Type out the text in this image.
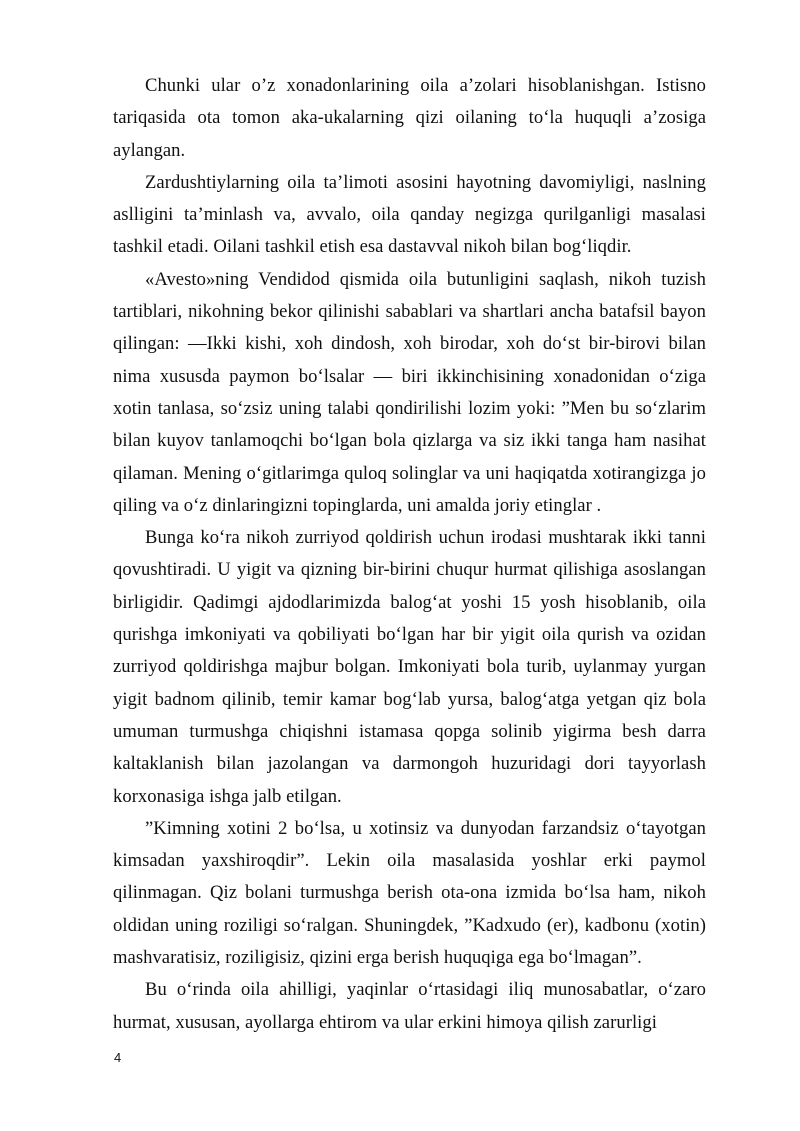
Chunki ular o’z xonadonlarining oila a’zolari hisoblanishgan. Istisno tariqasida ota tomon aka-ukalarning qizi oilaning to‘la huquqli a’zosiga aylangan.

Zardushtiylarning oila ta’limoti asosini hayotning davomiyligi, naslning aslligini ta’minlash va, avvalo, oila qanday negizga qurilganligi masalasi tashkil etadi. Oilani tashkil etish esa dastavval nikoh bilan bog‘liqdir.

«Avesto»ning Vendidod qismida oila butunligini saqlash, nikoh tuzish tartiblari, nikohning bekor qilinishi sabablari va shartlari ancha batafsil bayon qilingan: ―Ikki kishi, xoh dindosh, xoh birodar, xoh do‘st bir-birovi bilan nima xususda paymon bo‘lsalar — biri ikkinchisining xonadonidan o‘ziga xotin tanlasa, so‘zsiz uning talabi qondirilishi lozim yoki: ”Men bu so‘zlarim bilan kuyov tanlamoqchi bo‘lgan bola qizlarga va siz ikki tanga ham nasihat qilaman. Mening o‘gitlarimga quloq solinglar va uni haqiqatda xotirangizga jo qiling va o‘z dinlaringizni topinglarda, uni amalda joriy etinglar .

Bunga ko‘ra nikoh zurriyod qoldirish uchun irodasi mushtarak ikki tanni qovushtiradi. U yigit va qizning bir-birini chuqur hurmat qilishiga asoslangan birligidir. Qadimgi ajdodlarimizda balog‘at yoshi 15 yosh hisoblanib, oila qurishga imkoniyati va qobiliyati bo‘lgan har bir yigit oila qurish va ozidan zurriyod qoldirishga majbur bolgan. Imkoniyati bola turib, uylanmay yurgan yigit badnom qilinib, temir kamar bog‘lab yursa, balog‘atga yetgan qiz bola umuman turmushga chiqishni istamasa qopga solinib yigirma besh darra kaltaklanish bilan jazolangan va darmongoh huzuridagi dori tayyorlash korxonasiga ishga jalb etilgan.

”Kimning xotini 2 bo‘lsa, u xotinsiz va dunyodan farzandsiz o‘tayotgan kimsadan yaxshiroqdir”. Lekin oila masalasida yoshlar erki paymol qilinmagan. Qiz bolani turmushga berish ota-ona izmida bo‘lsa ham, nikoh oldidan uning roziligi so‘ralgan. Shuningdek, ”Kadxudo (er), kadbonu (xotin) mashvaratisiz, roziligisiz, qizini erga berish huquqiga ega bo‘lmagan”.

Bu o‘rinda oila ahilligi, yaqinlar o‘rtasidagi iliq munosabatlar, o‘zaro hurmat, xususan, ayollarga ehtirom va ular erkini himoya qilish zarurligi

4
